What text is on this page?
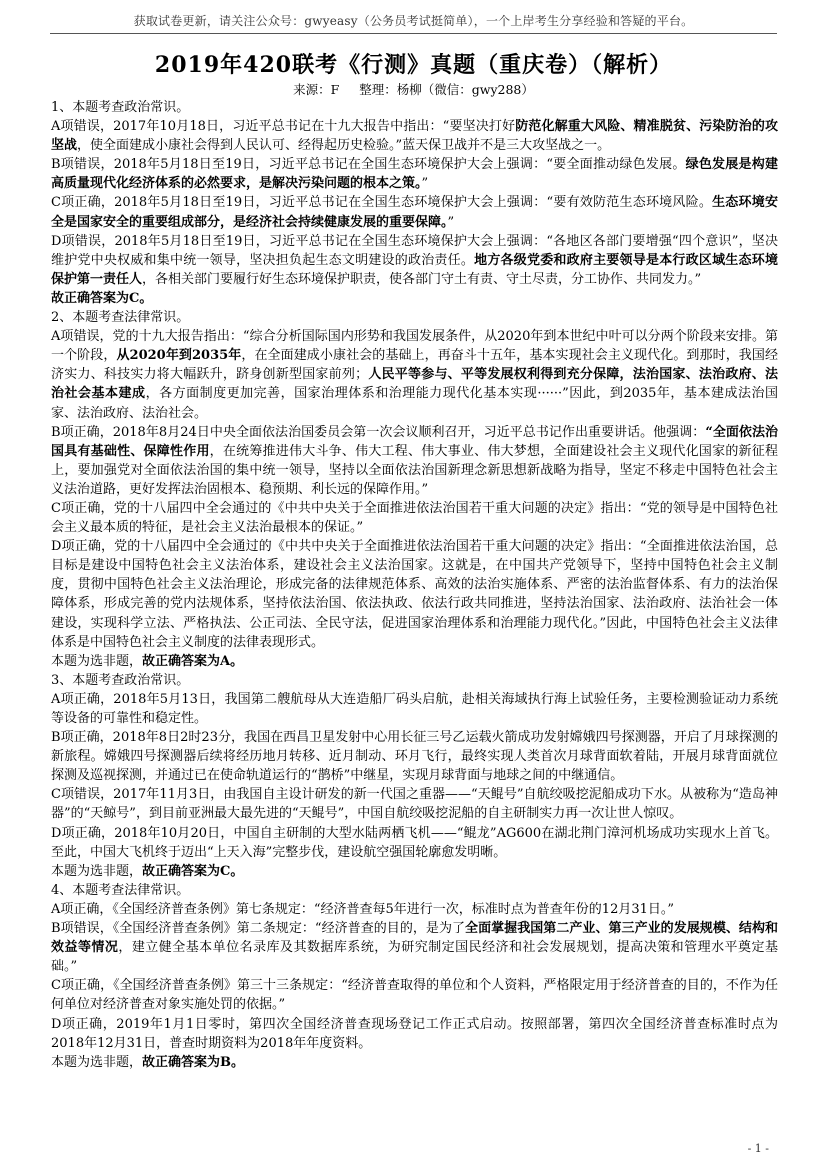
获取试卷更新，请关注公众号：gwyeasy（公务员考试挺简单），一个上岸考生分享经验和答疑的平台。
2019年420联考《行测》真题（重庆卷）（解析）
来源：F 整理：杨柳（微信：gwy288）

1、本题考查政治常识。

A项错误，2017年10月18日，习近平总书记在十九大报告中指出：“要坚决打好防范化解重大风险、精准脱贫、污染防治的攻坚战，使全面建成小康社会得到人民认可、经得起历史检验。”蓝天保卫战并不是三大攻坚战之一。

B项错误，2018年5月18日至19日，习近平总书记在全国生态环境保护大会上强调：“要全面推动绿色发展。绿色发展是构建高质量现代化经济体系的必然要求，是解决污染问题的根本之策。”

C项正确，2018年5月18日至19日，习近平总书记在全国生态环境保护大会上强调：“要有效防范生态环境风险。生态环境安全是国家安全的重要组成部分，是经济社会持续健康发展的重要保障。”

D项错误，2018年5月18日至19日，习近平总书记在全国生态环境保护大会上强调：“各地区各部门要增强“四个意识”，坚决维护党中央权威和集中统一领导，坚决担负起生态文明建设的政治责任。地方各级党委和政府主要领导是本行政区域生态环境保护第一责任人，各相关部门要履行好生态环境保护职责，使各部门守土有责、守土尽责，分工协作、共同发力。”

故正确答案为C。

2、本题考查法律常识。

A项错误，党的十九大报告指出：“综合分析国际国内形势和我国发展条件，从2020年到本世纪中叶可以分两个阶段来安排。第一个阶段，从2020年到2035年，在全面建成小康社会的基础上，再奋斗十五年，基本实现社会主义现代化。到那时，我国经济实力、科技实力将大幅跃升，跻身创新型国家前列；人民平等参与、平等发展权利得到充分保障，法治国家、法治政府、法治社会基本建成，各方面制度更加完善，国家治理体系和治理能力现代化基本实现······”因此，到2035年，基本建成法治国家、法治政府、法治社会。

B项正确，2018年8月24日中央全面依法治国委员会第一次会议顺利召开，习近平总书记作出重要讲话。他强调：“全面依法治国具有基础性、保障性作用，在统筹推进伟大斗争、伟大工程、伟大事业、伟大梦想，全面建设社会主义现代化国家的新征程上，要加强党对全面依法治国的集中统一领导，坚持以全面依法治国新理念新思想新战略为指导，坚定不移走中国特色社会主义法治道路，更好发挥法治固根本、稳预期、利长远的保障作用。”

C项正确，党的十八届四中全会通过的《中共中央关于全面推进依法治国若干重大问题的决定》指出：“党的领导是中国特色社会主义最本质的特征，是社会主义法治最根本的保证。”

D项正确，党的十八届四中全会通过的《中共中央关于全面推进依法治国若干重大问题的决定》指出：“全面推进依法治国，总目标是建设中国特色社会主义法治体系，建设社会主义法治国家。这就是，在中国共产党领导下，坚持中国特色社会主义制度，贯彻中国特色社会主义法治理论，形成完备的法律规范体系、高效的法治实施体系、严密的法治监督体系、有力的法治保障体系，形成完善的党内法规体系，坚持依法治国、依法执政、依法行政共同推进，坚持法治国家、法治政府、法治社会一体建设，实现科学立法、严格执法、公正司法、全民守法，促进国家治理体系和治理能力现代化。”因此，中国特色社会主义法律体系是中国特色社会主义制度的法律表现形式。

本题为选非题，故正确答案为A。

3、本题考查政治常识。

A项正确，2018年5月13日，我国第二艘航母从大连造船厂码头启航，赴相关海域执行海上试验任务，主要检测验证动力系统等设备的可靠性和稳定性。

B项正确，2018年8日2时23分，我国在西昌卫星发射中心用长征三号乙运载火箭成功发射嫦娥四号探测器，开启了月球探测的新旅程。嫦娥四号探测器后续将经历地月转移、近月制动、环月飞行，最终实现人类首次月球背面软着陆，开展月球背面就位探测及巡视探测，并通过已在使命轨道运行的“鹊桥”中继星，实现月球背面与地球之间的中继通信。

C项错误，2017年11月3日，由我国自主设计研发的新一代国之重器——“天鲲号”自航绞吸挖泥船成功下水。从被称为“造岛神器”的“天鲸号”，到目前亚洲最大最先进的“天鲲号”，中国自航绞吸挖泥船的自主研制实力再一次让世人惊叹。

D项正确，2018年10月20日，中国自主研制的大型水陆两栖飞机——“鲲龙”AG600在湖北荆门漳河机场成功实现水上首飞。至此，中国大飞机终于迈出“上天入海”完整步伐，建设航空强国轮廓愈发明晰。

本题为选非题，故正确答案为C。

4、本题考查法律常识。

A项正确，《全国经济普查条例》第七条规定：“经济普查每5年进行一次，标准时点为普查年份的12月31日。”

B项错误，《全国经济普查条例》第二条规定：“经济普查的目的，是为了全面掌握我国第二产业、第三产业的发展规模、结构和效益等情况，建立健全基本单位名录库及其数据库系统，为研究制定国民经济和社会发展规划，提高决策和管理水平奠定基础。”

C项正确，《全国经济普查条例》第三十三条规定：“经济普查取得的单位和个人资料，严格限定用于经济普查的目的，不作为任何单位对经济普查对象实施处罚的依据。”

D项正确，2019年1月1日零时，第四次全国经济普查现场登记工作正式启动。按照部署，第四次全国经济普查标准时点为2018年12月31日，普查时期资料为2018年年度资料。

本题为选非题，故正确答案为B。

- 1 -
